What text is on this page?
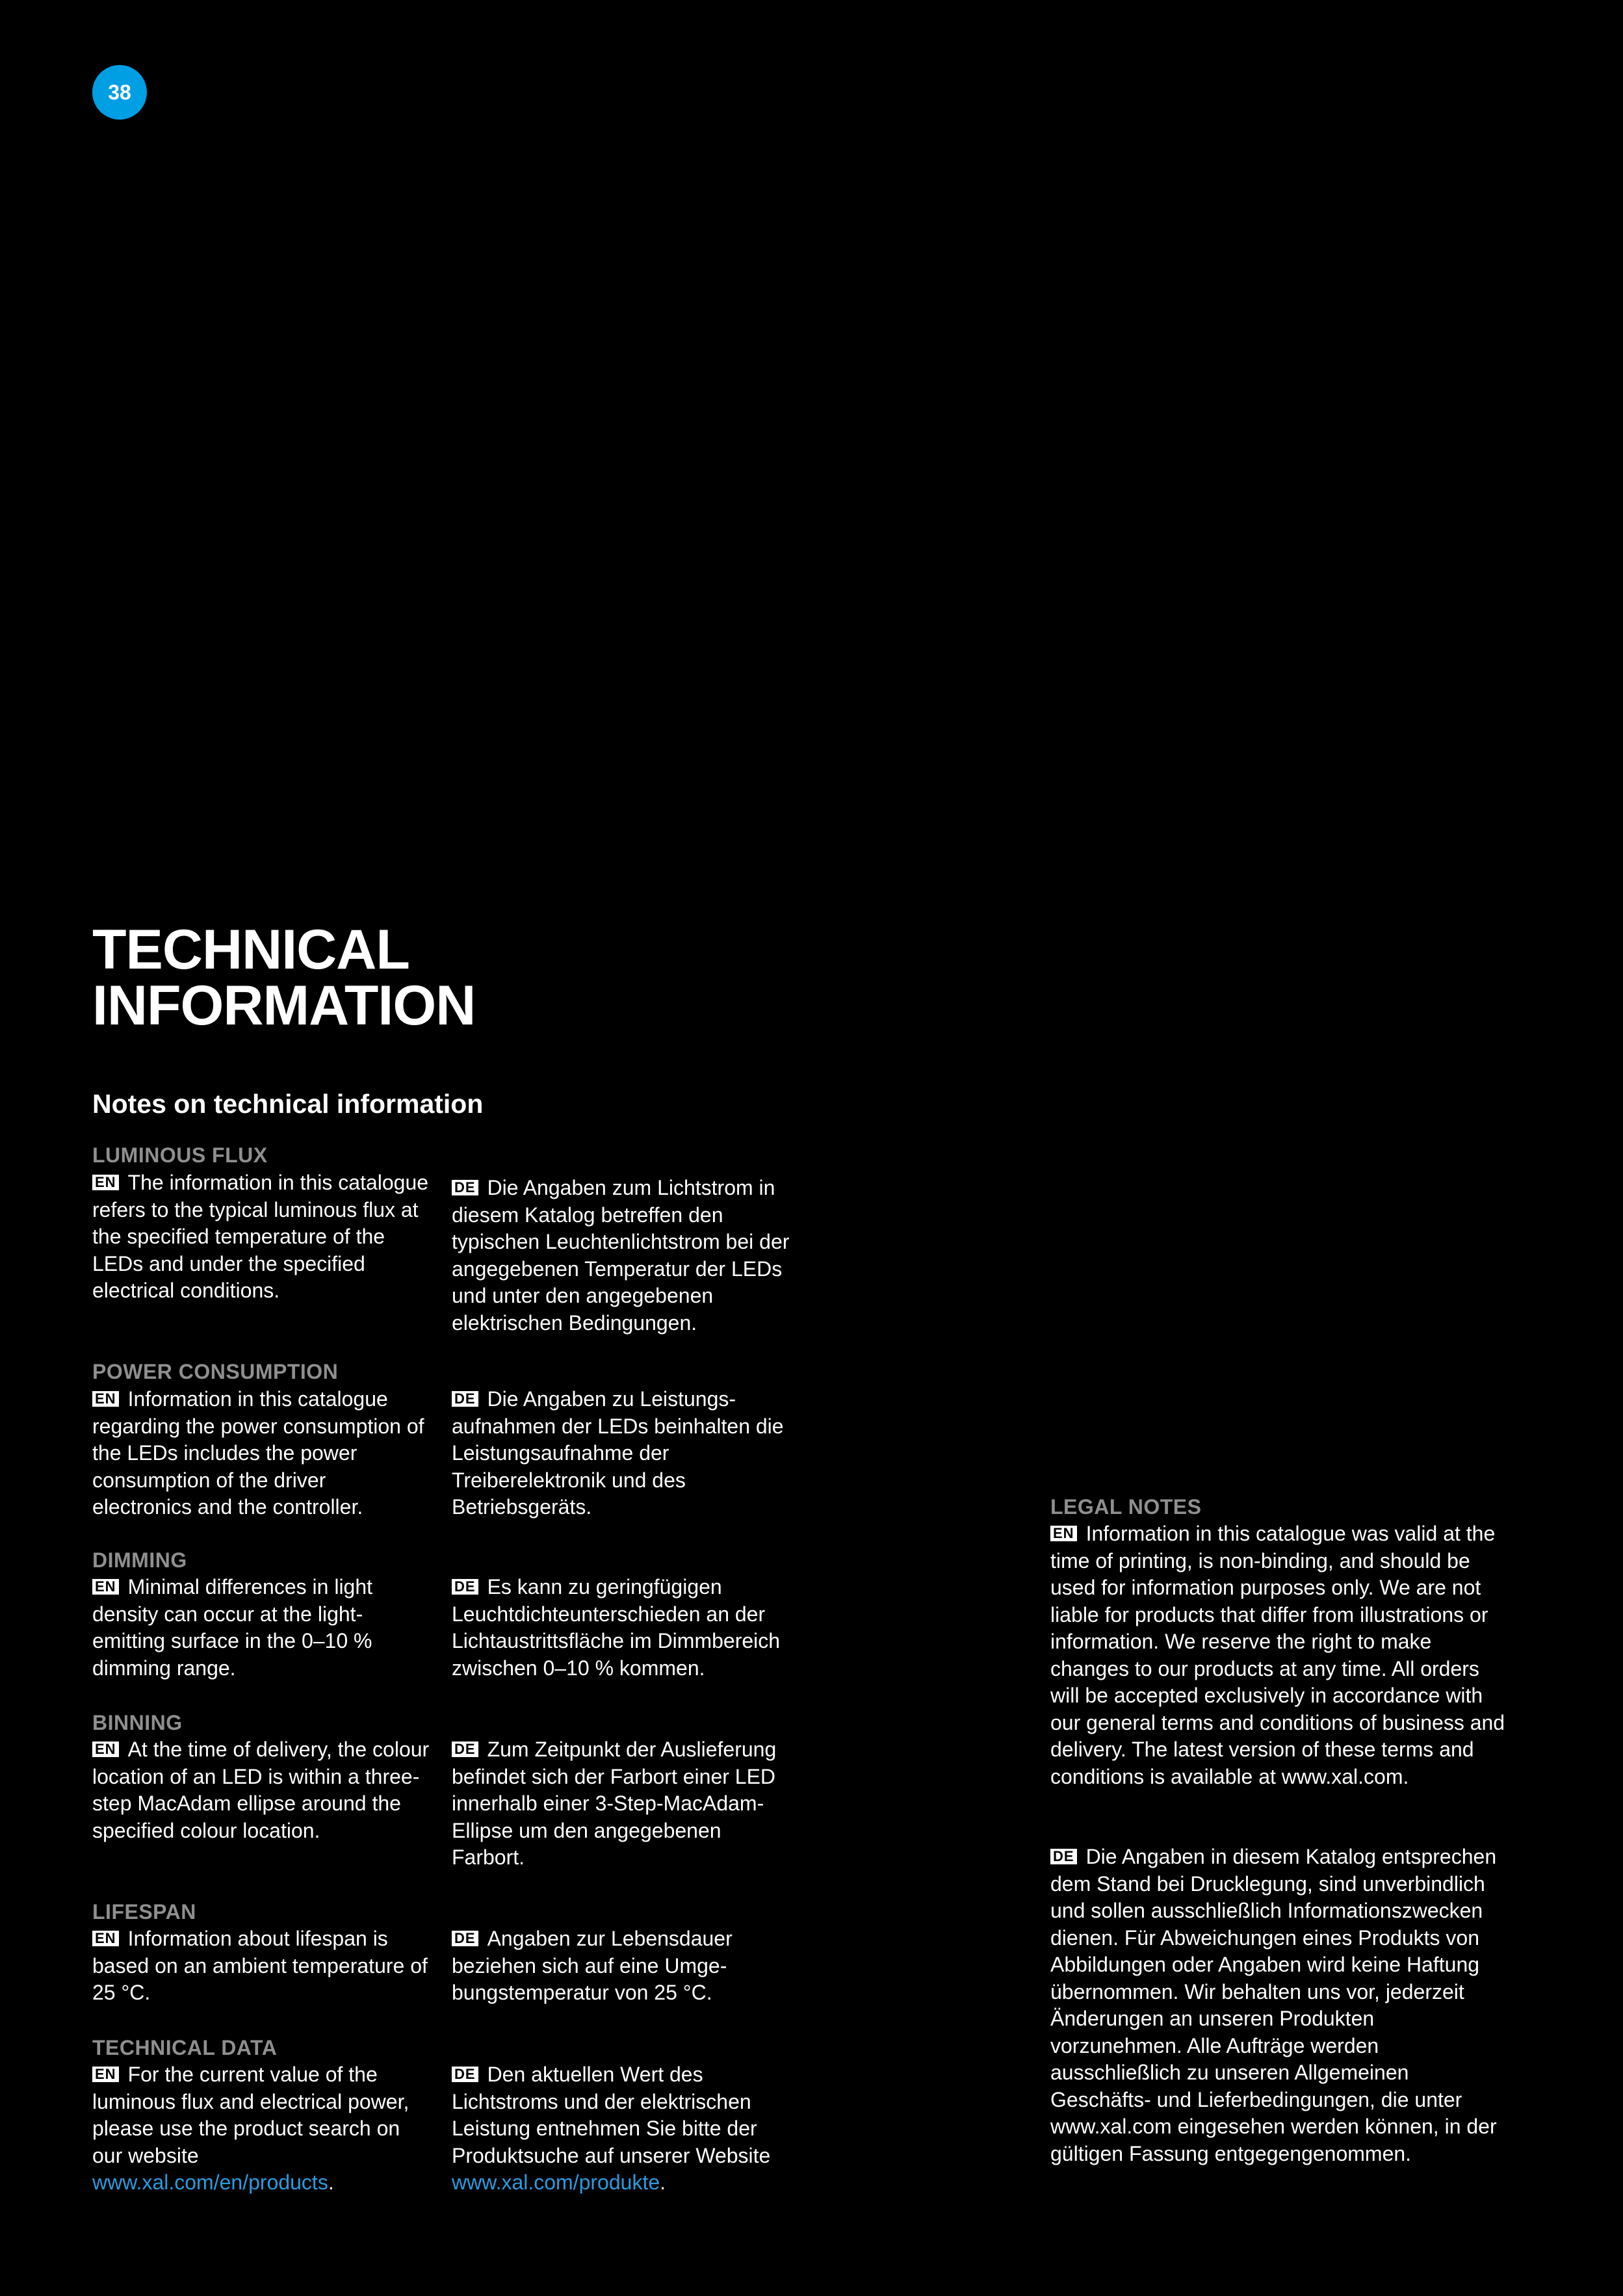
38
TECHNICAL
INFORMATION
Notes on technical information
LUMINOUS FLUX

EN The information in this catalogue refers to the typical luminous flux at the specified temperature of the LEDs and under the specified electrical conditions.

DE Die Angaben zum Lichtstrom in diesem Katalog betreffen den typischen Leuchtenlichtstrom bei der angegebenen Temperatur der LEDs und unter den angegebenen elektrischen Bedingungen.

POWER CONSUMPTION

EN Information in this catalogue regarding the power consumption of the LEDs includes the power consumption of the driver electronics and the controller.

DE Die Angaben zu Leistungsaufnahmen der LEDs beinhalten die Leistungsaufnahme der Treiberelektronik und des Betriebsgeräts.

DIMMING

EN Minimal differences in light density can occur at the light-emitting surface in the 0–10 % dimming range.

DE Es kann zu geringfügigen Leuchtdichteunterschieden an der Lichtaustrittsfläche im Dimmbereich zwischen 0–10 % kommen.

BINNING

EN At the time of delivery, the colour location of an LED is within a three-step MacAdam ellipse around the specified colour location.

DE Zum Zeitpunkt der Auslieferung befindet sich der Farbort einer LED innerhalb einer 3-Step-MacAdam-Ellipse um den angegebenen Farbort.

LIFESPAN

EN Information about lifespan is based on an ambient temperature of 25 °C.

DE Angaben zur Lebensdauer beziehen sich auf eine Umgebungstemperatur von 25 °C.

TECHNICAL DATA

EN For the current value of the luminous flux and electrical power, please use the product search on our website www.xal.com/en/products.

DE Den aktuellen Wert des Lichtstroms und der elektrischen Leistung entnehmen Sie bitte der Produktsuche auf unserer Website www.xal.com/produkte.

LEGAL NOTES

EN Information in this catalogue was valid at the time of printing, is non-binding, and should be used for information purposes only. We are not liable for products that differ from illustrations or information. We reserve the right to make changes to our products at any time. All orders will be accepted exclusively in accordance with our general terms and conditions of business and delivery. The latest version of these terms and conditions is available at www.xal.com.

DE Die Angaben in diesem Katalog entsprechen dem Stand bei Drucklegung, sind unverbindlich und sollen ausschließlich Informationszwecken dienen. Für Abweichungen eines Produkts von Abbildungen oder Angaben wird keine Haftung übernommen. Wir behalten uns vor, jederzeit Änderungen an unseren Produkten vorzunehmen. Alle Aufträge werden ausschließlich zu unseren Allgemeinen Geschäfts- und Lieferbedingungen, die unter www.xal.com eingesehen werden können, in der gültigen Fassung entgegengenommen.
